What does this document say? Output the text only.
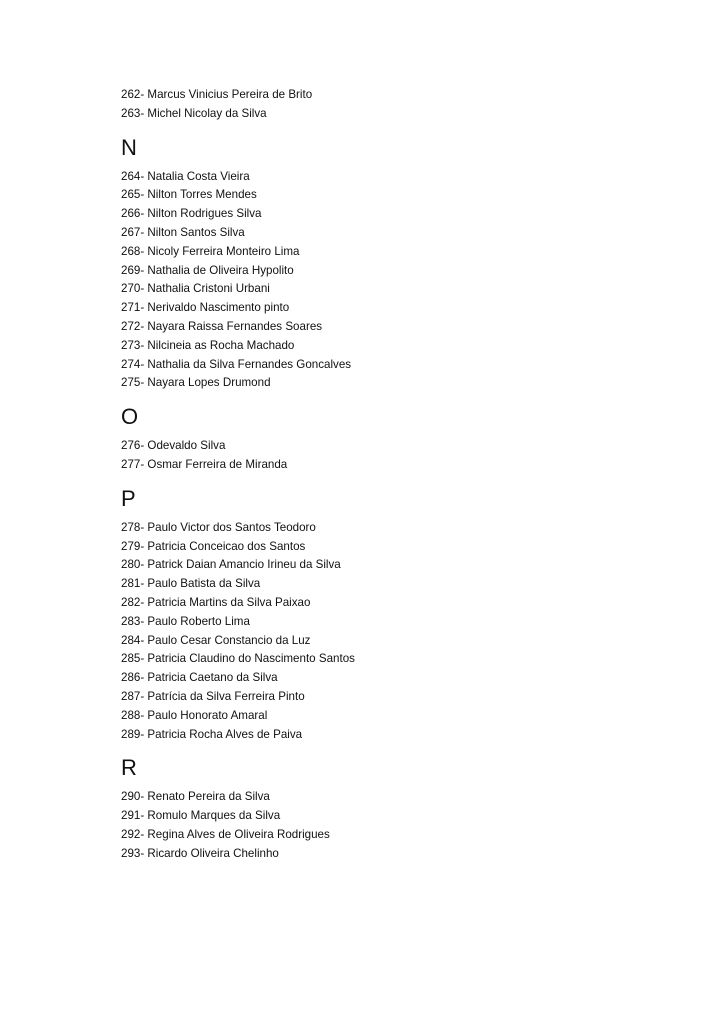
262- Marcus Vinicius Pereira de Brito
263- Michel Nicolay da Silva
N
264- Natalia Costa Vieira
265- Nilton Torres Mendes
266- Nilton Rodrigues Silva
267- Nilton Santos Silva
268- Nicoly Ferreira Monteiro Lima
269- Nathalia de Oliveira Hypolito
270- Nathalia Cristoni Urbani
271- Nerivaldo Nascimento pinto
272- Nayara Raissa Fernandes Soares
273- Nilcineia as Rocha Machado
274- Nathalia da Silva Fernandes Goncalves
275- Nayara Lopes Drumond
O
276- Odevaldo Silva
277- Osmar Ferreira de Miranda
P
278- Paulo Victor dos Santos Teodoro
279- Patricia Conceicao dos Santos
280- Patrick Daian Amancio Irineu da Silva
281- Paulo Batista da Silva
282- Patricia Martins da Silva Paixao
283- Paulo Roberto Lima
284- Paulo Cesar Constancio da Luz
285- Patricia Claudino do Nascimento Santos
286- Patricia Caetano da Silva
287- Patrícia da Silva Ferreira Pinto
288- Paulo Honorato Amaral
289- Patricia Rocha Alves de Paiva
R
290- Renato Pereira da Silva
291- Romulo Marques da Silva
292- Regina Alves de Oliveira Rodrigues
293- Ricardo Oliveira Chelinho
